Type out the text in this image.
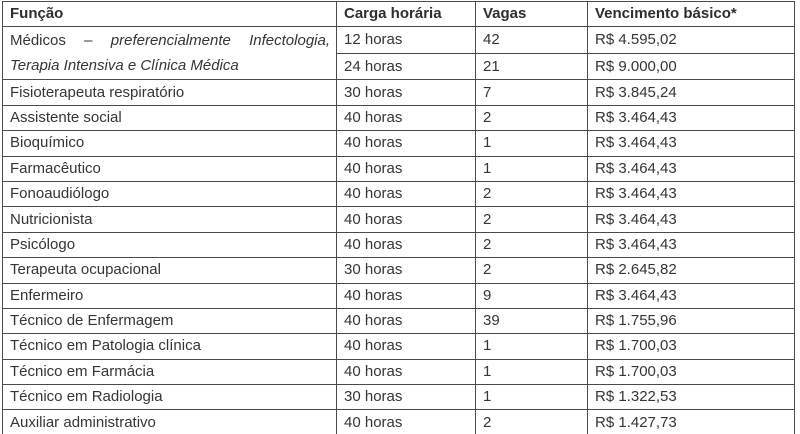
Função	Carga horária	Vagas	Vencimento básico*

Médicos – preferencialmente Infectologia,
Terapia Intensiva e Clínica Médica	12 horas	42	R$ 4.595,02
	24 horas	21	R$ 9.000,00
Fisioterapeuta respiratório	30 horas	7	R$ 3.845,24
Assistente social	40 horas	2	R$ 3.464,43
Bioquímico	40 horas	1	R$ 3.464,43
Farmacêutico	40 horas	1	R$ 3.464,43
Fonoaudiólogo	40 horas	2	R$ 3.464,43
Nutricionista	40 horas	2	R$ 3.464,43
Psicólogo	40 horas	2	R$ 3.464,43
Terapeuta ocupacional	30 horas	2	R$ 2.645,82
Enfermeiro	40 horas	9	R$ 3.464,43
Técnico de Enfermagem	40 horas	39	R$ 1.755,96
Técnico em Patologia clínica	40 horas	1	R$ 1.700,03
Técnico em Farmácia	40 horas	1	R$ 1.700,03
Técnico em Radiologia	30 horas	1	R$ 1.322,53
Auxiliar administrativo	40 horas	2	R$ 1.427,73
